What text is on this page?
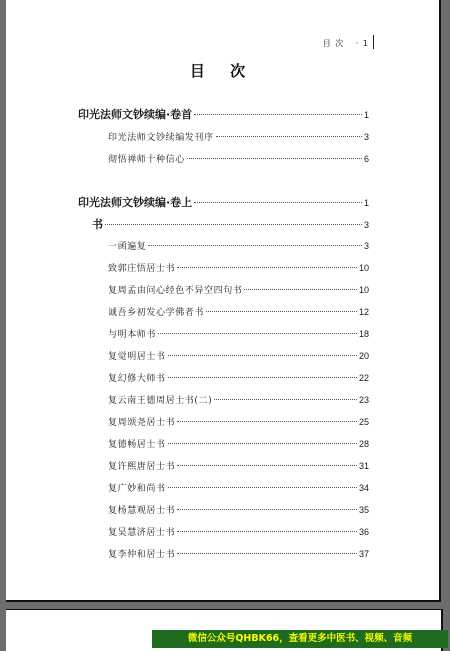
目 次 · 1
目 次
印光法师文钞续编·卷首	1
印光法师文钞续编发刊序	3
彻悟禅师十种信心	6
印光法师文钞续编·卷上	1
书	3
一函遍复	3
致郭庄悟居士书	10
复周孟由问心经色不异空四句书	10
诚吾乡初发心学佛者书	12
与明本师书	18
复觉明居士书	20
复幻修大师书	22
复云南王德周居士书(二)	23
复周颂尧居士书	25
复德畅居士书	28
复许熙唐居士书	31
复广妙和尚书	34
复杨慧观居士书	35
复吴慧济居士书	36
复李仲和居士书	37
微信公众号QHBK66，查看更多中医书、视频、音频
